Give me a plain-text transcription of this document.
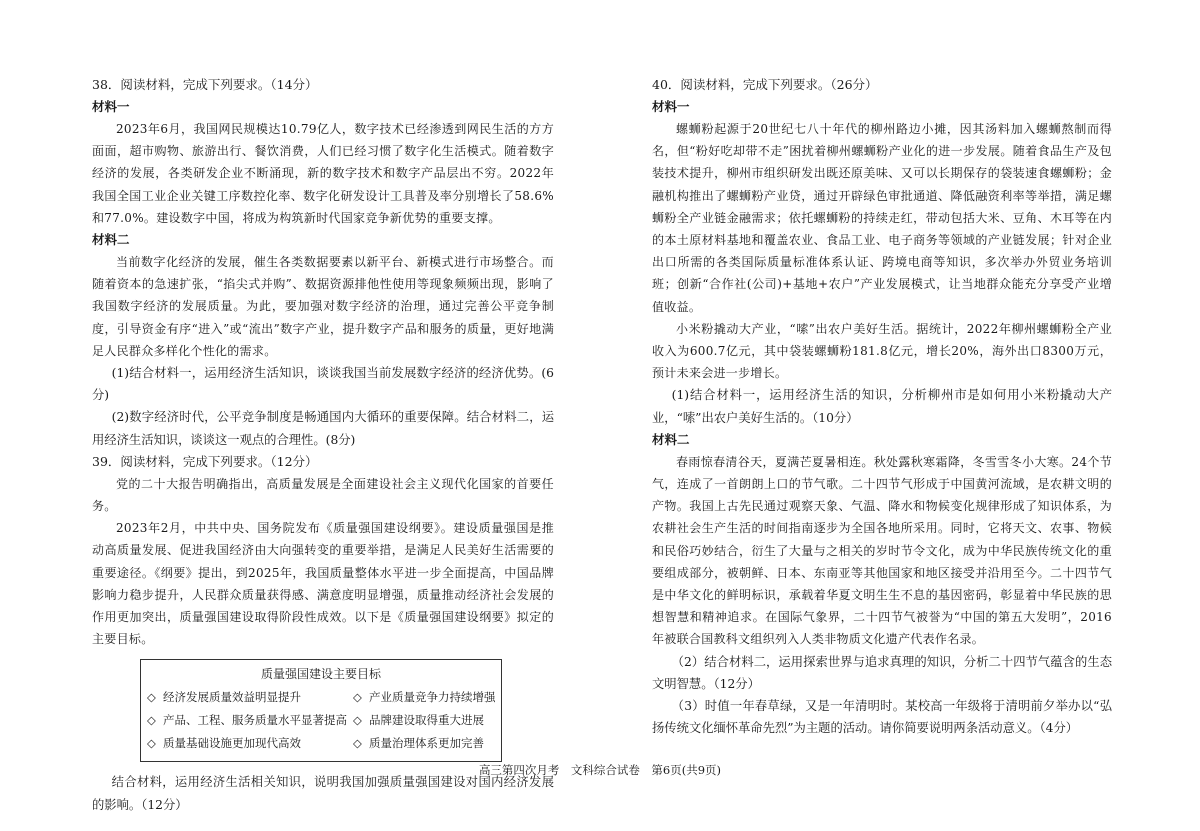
38．阅读材料，完成下列要求。（14分）

材料一

2023年6月，我国网民规模达10.79亿人，数字技术已经渗透到网民生活的方方面面，超市购物、旅游出行、餐饮消费，人们已经习惯了数字化生活模式。随着数字经济的发展，各类研发企业不断涌现，新的数字技术和数字产品层出不穷。2022年我国全国工业企业关键工序数控化率、数字化研发设计工具普及率分别增长了58.6%和77.0%。建设数字中国，将成为构筑新时代国家竞争新优势的重要支撑。

材料二

当前数字化经济的发展，催生各类数据要素以新平台、新模式进行市场整合。而随着资本的急速扩张，“掐尖式并购”、数据资源排他性使用等现象频频出现，影响了我国数字经济的发展质量。为此，要加强对数字经济的治理，通过完善公平竞争制度，引导资金有序“进入”或“流出”数字产业，提升数字产品和服务的质量，更好地满足人民群众多样化个性化的需求。

(1)结合材料一，运用经济生活知识，谈谈我国当前发展数字经济的经济优势。(6分)

(2)数字经济时代，公平竞争制度是畅通国内大循环的重要保障。结合材料二，运用经济生活知识，谈谈这一观点的合理性。(8分)

39．阅读材料，完成下列要求。（12分）

党的二十大报告明确指出，高质量发展是全面建设社会主义现代化国家的首要任务。

2023年2月，中共中央、国务院发布《质量强国建设纲要》。建设质量强国是推动高质量发展、促进我国经济由大向强转变的重要举措，是满足人民美好生活需要的重要途径。《纲要》提出，到2025年，我国质量整体水平进一步全面提高，中国品牌影响力稳步提升，人民群众质量获得感、满意度明显增强，质量推动经济社会发展的作用更加突出，质量强国建设取得阶段性成效。以下是《质量强国建设纲要》拟定的主要目标。

质量强国建设主要目标

◇ 经济发展质量效益明显提升	◇ 产业质量竞争力持续增强
◇ 产品、工程、服务质量水平显著提高 ◇ 品牌建设取得重大进展
◇ 质量基础设施更加现代高效	◇ 质量治理体系更加完善

结合材料，运用经济生活相关知识，说明我国加强质量强国建设对国内经济发展的影响。（12分）

40．阅读材料，完成下列要求。（26分）

材料一

螺蛳粉起源于20世纪七八十年代的柳州路边小摊，因其汤料加入螺蛳熬制而得名，但“粉好吃却带不走”困扰着柳州螺蛳粉产业化的进一步发展。随着食品生产及包装技术提升，柳州市组织研发出既还原美味、又可以长期保存的袋装速食螺蛳粉；金融机构推出了螺蛳粉产业贷，通过开辟绿色审批通道、降低融资利率等举措，满足螺蛳粉全产业链金融需求；依托螺蛳粉的持续走红，带动包括大米、豆角、木耳等在内的本土原材料基地和覆盖农业、食品工业、电子商务等领域的产业链发展；针对企业出口所需的各类国际质量标准体系认证、跨境电商等知识，多次举办外贸业务培训班；创新“合作社(公司)+基地+农户”产业发展模式，让当地群众能充分享受产业增值收益。

小米粉撬动大产业，“嗦”出农户美好生活。据统计，2022年柳州螺蛳粉全产业收入为600.7亿元，其中袋装螺蛳粉181.8亿元，增长20%，海外出口8300万元，预计未来会进一步增长。

(1)结合材料一，运用经济生活的知识，分析柳州市是如何用小米粉撬动大产业，“嗦”出农户美好生活的。（10分）

材料二

春雨惊春清谷天，夏满芒夏暑相连。秋处露秋寒霜降，冬雪雪冬小大寒。24个节气，连成了一首朗朗上口的节气歌。二十四节气形成于中国黄河流域，是农耕文明的产物。我国上古先民通过观察天象、气温、降水和物候变化规律形成了知识体系，为农耕社会生产生活的时间指南逐步为全国各地所采用。同时，它将天文、农事、物候和民俗巧妙结合，衍生了大量与之相关的岁时节令文化，成为中华民族传统文化的重要组成部分，被朝鲜、日本、东南亚等其他国家和地区接受并沿用至今。二十四节气是中华文化的鲜明标识，承载着华夏文明生生不息的基因密码，彰显着中华民族的思想智慧和精神追求。在国际气象界，二十四节气被誉为“中国的第五大发明”，2016年被联合国教科文组织列入人类非物质文化遗产代表作名录。

（2）结合材料二，运用探索世界与追求真理的知识，分析二十四节气蕴含的生态文明智慧。（12分）

（3）时值一年春草绿，又是一年清明时。某校高一年级将于清明前夕举办以“弘扬传统文化缅怀革命先烈”为主题的活动。请你简要说明两条活动意义。（4分）

高三第四次月考　文科综合试卷　第6页(共9页)
